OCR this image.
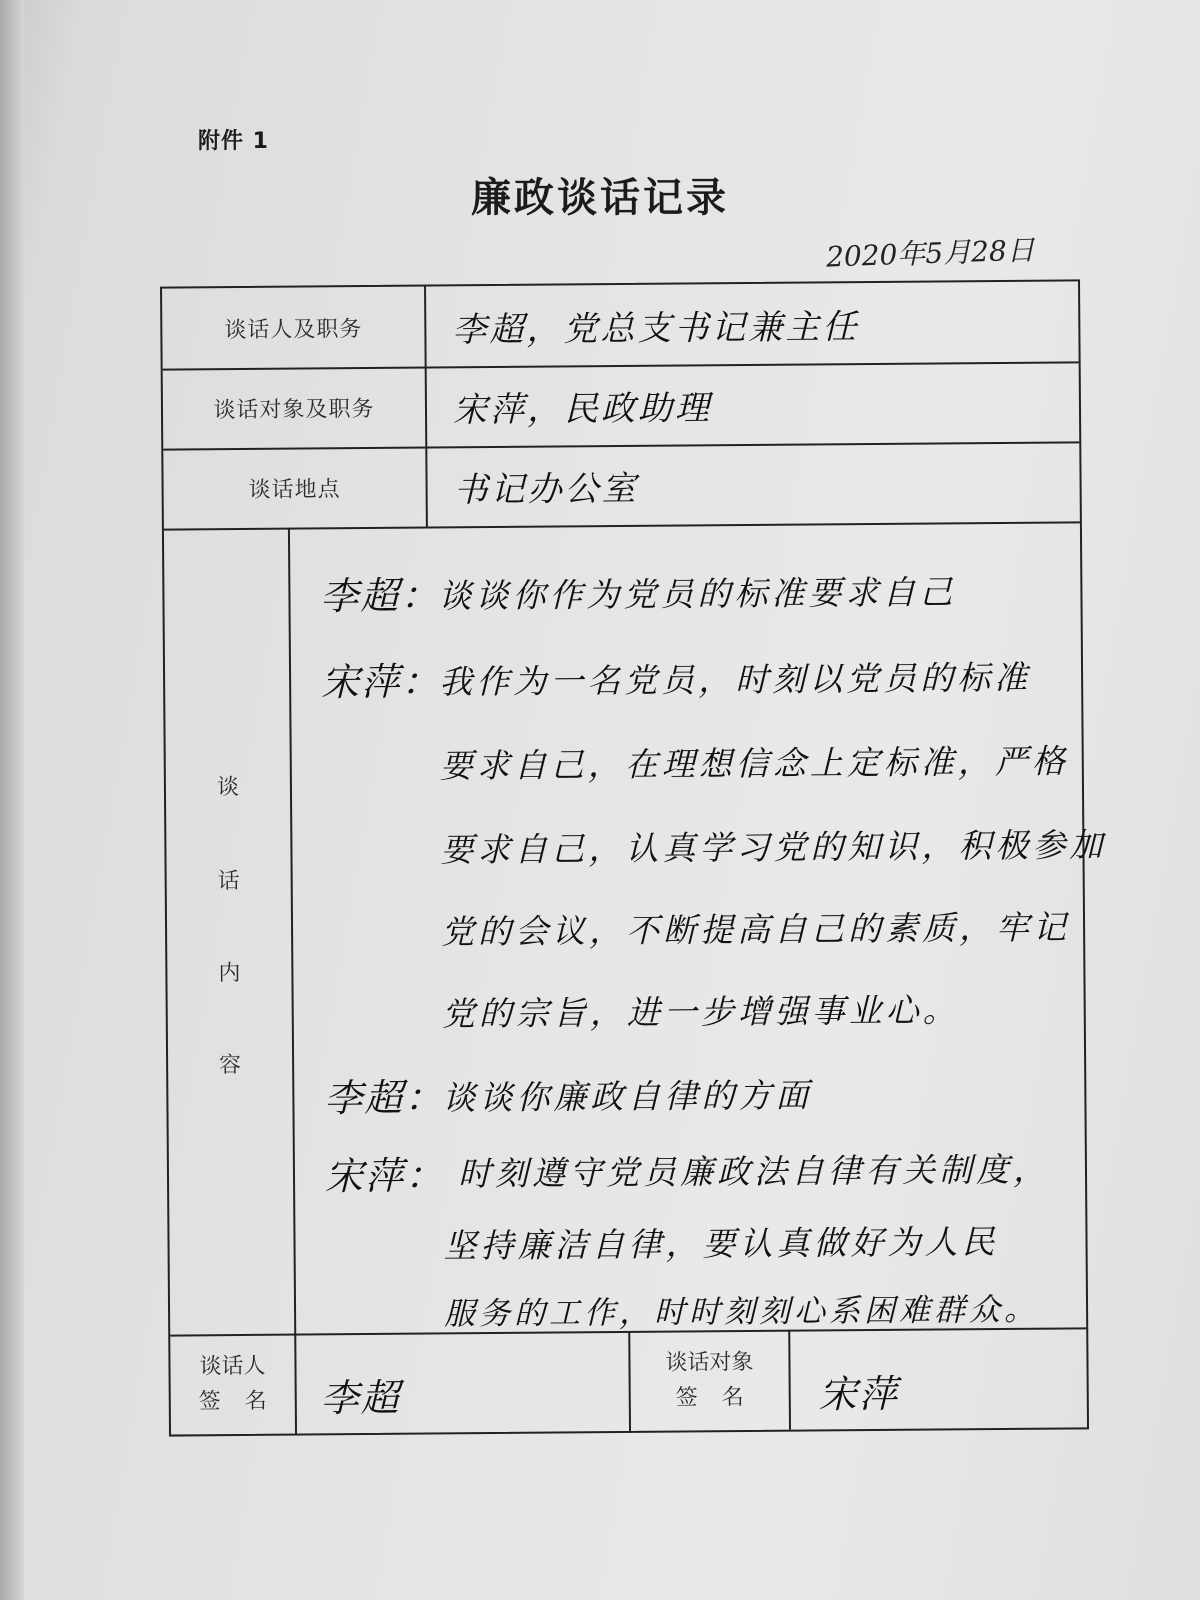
附件 1
廉政谈话记录
2020年5月28日
谈话人及职务	李超，党总支书记兼主任
谈话对象及职务	宋萍，民政助理
谈话地点	书记办公室
谈
话
内
容
李超：
谈谈你作为党员的标准要求自己
宋萍：
我作为一名党员，时刻以党员的标准
要求自己，在理想信念上定标准，严格
要求自己，认真学习党的知识，积极参加
党的会议，不断提高自己的素质，牢记
党的宗旨，进一步增强事业心。
李超：
谈谈你廉政自律的方面
宋萍： 时刻遵守党员廉政法自律有关制度，
坚持廉洁自律，要认真做好为人民
服务的工作，时时刻刻心系困难群众。
谈话人
签名 李超
谈话对象
签名 宋萍
